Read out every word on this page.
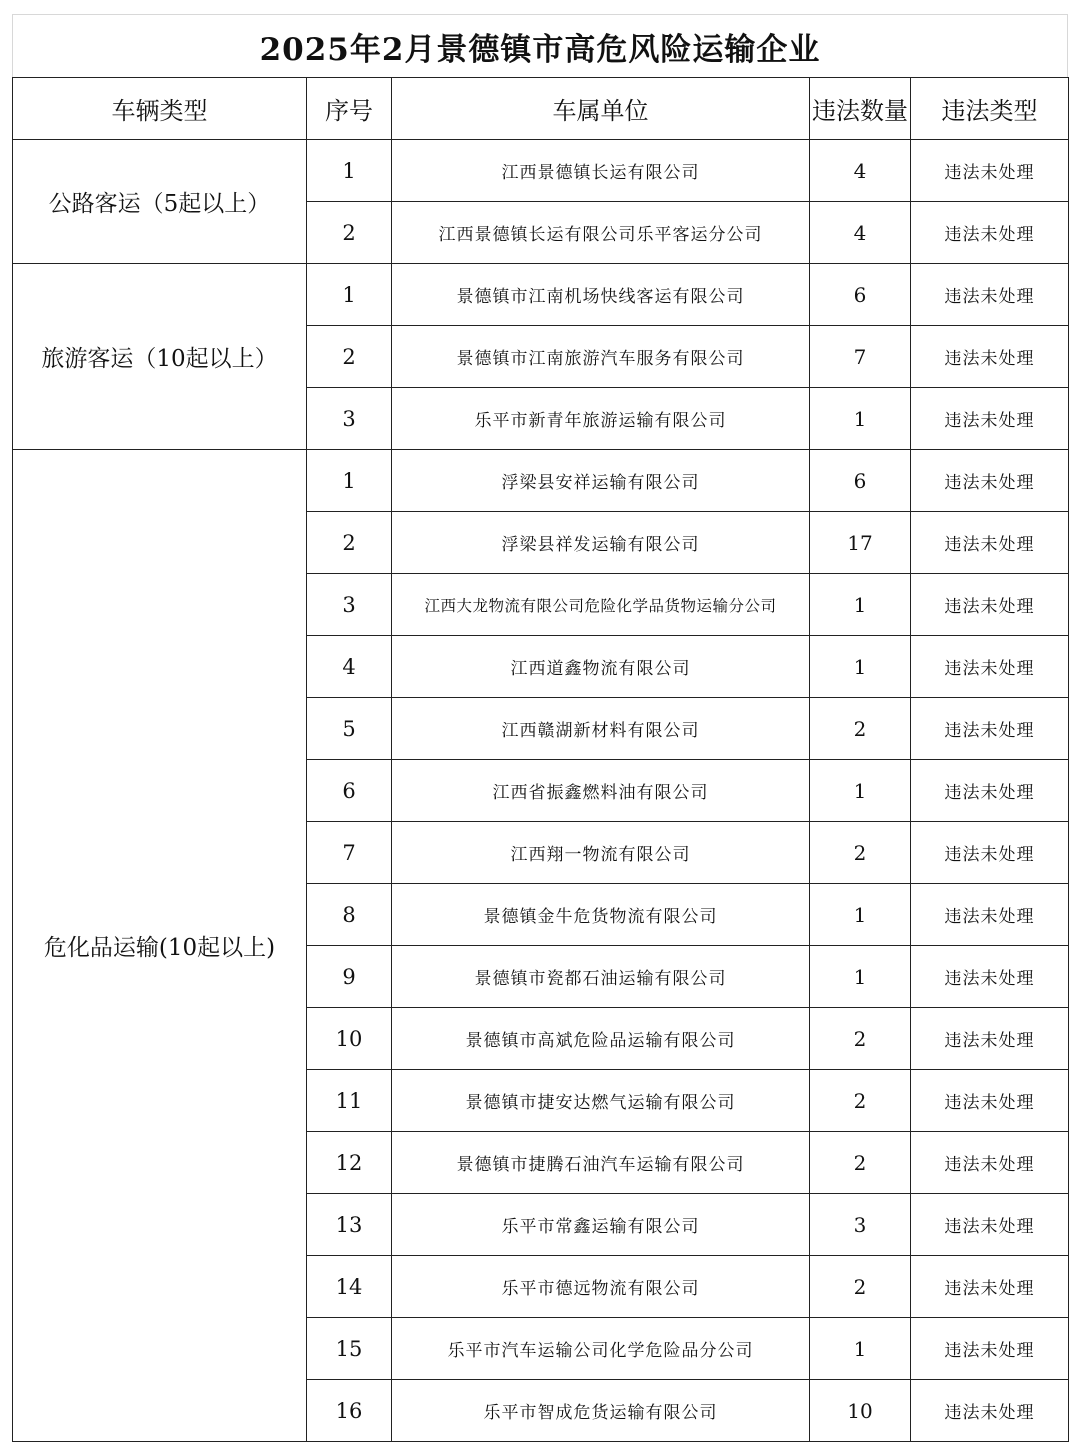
2025年2月景德镇市高危风险运输企业
车辆类型	序号	车属单位	违法数量	违法类型
公路客运（5起以上）	1	江西景德镇长运有限公司	4	违法未处理
	2	江西景德镇长运有限公司乐平客运分公司	4	违法未处理
旅游客运（10起以上）	1	景德镇市江南机场快线客运有限公司	6	违法未处理
	2	景德镇市江南旅游汽车服务有限公司	7	违法未处理
	3	乐平市新青年旅游运输有限公司	1	违法未处理
危化品运输(10起以上)	1	浮梁县安祥运输有限公司	6	违法未处理
	2	浮梁县祥发运输有限公司	17	违法未处理
	3	江西大龙物流有限公司危险化学品货物运输分公司	1	违法未处理
	4	江西道鑫物流有限公司	1	违法未处理
	5	江西赣湖新材料有限公司	2	违法未处理
	6	江西省振鑫燃料油有限公司	1	违法未处理
	7	江西翔一物流有限公司	2	违法未处理
	8	景德镇金牛危货物流有限公司	1	违法未处理
	9	景德镇市瓷都石油运输有限公司	1	违法未处理
	10	景德镇市高斌危险品运输有限公司	2	违法未处理
	11	景德镇市捷安达燃气运输有限公司	2	违法未处理
	12	景德镇市捷腾石油汽车运输有限公司	2	违法未处理
	13	乐平市常鑫运输有限公司	3	违法未处理
	14	乐平市德远物流有限公司	2	违法未处理
	15	乐平市汽车运输公司化学危险品分公司	1	违法未处理
	16	乐平市智成危货运输有限公司	10	违法未处理
